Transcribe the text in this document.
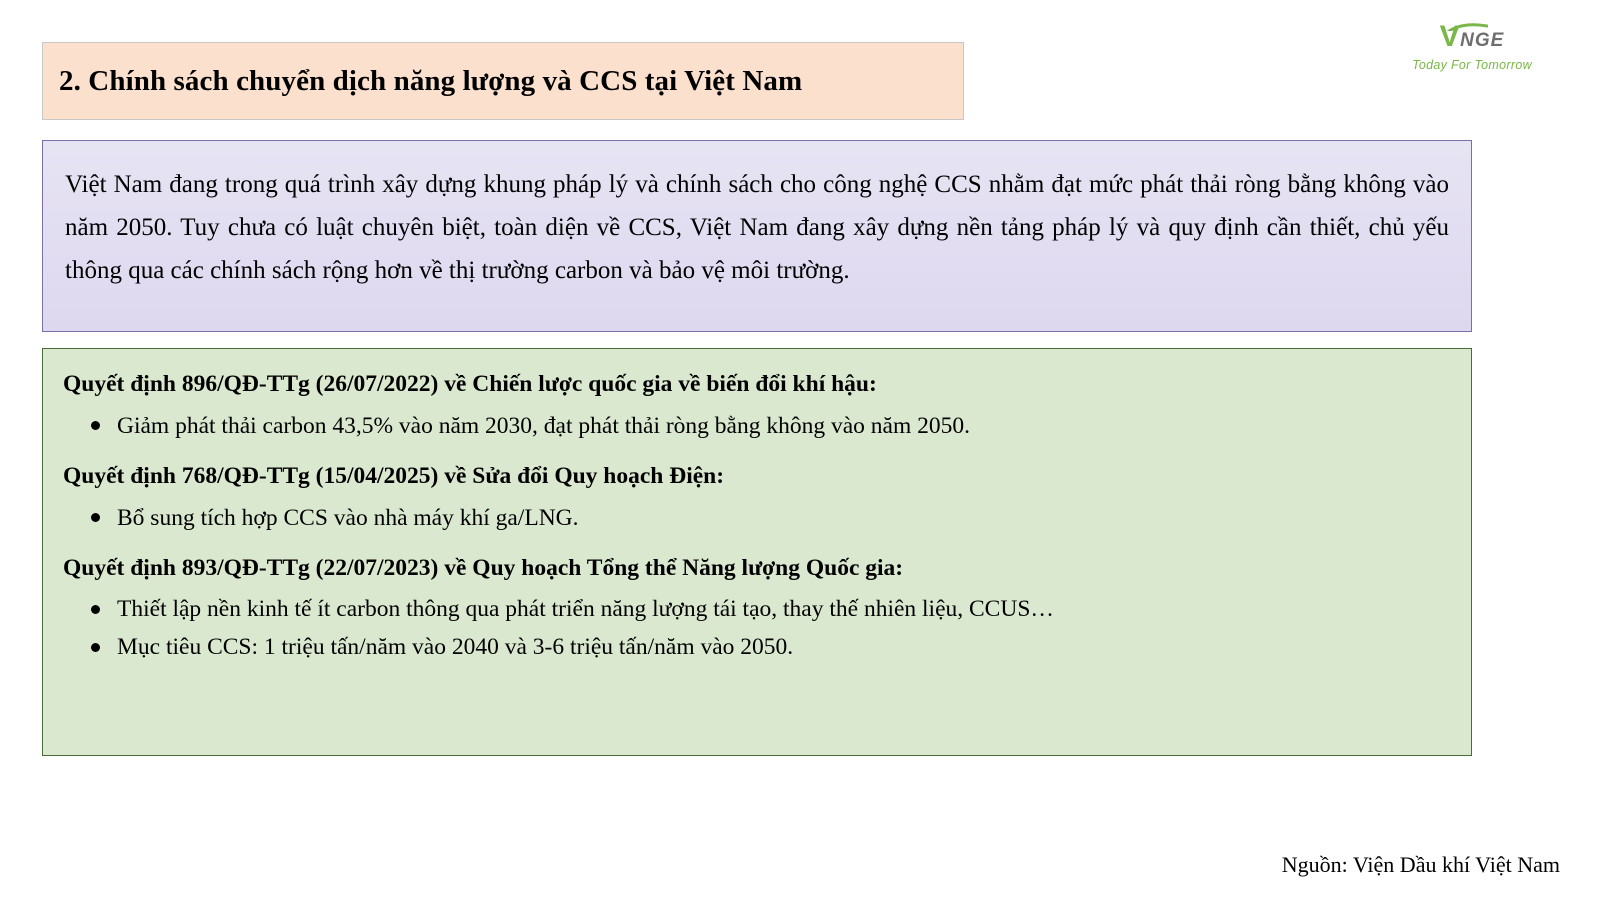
VNGE
Today For Tomorrow
2. Chính sách chuyển dịch năng lượng và CCS tại Việt Nam
Việt Nam đang trong quá trình xây dựng khung pháp lý và chính sách cho công nghệ CCS nhằm đạt mức phát thải ròng bằng không vào năm 2050. Tuy chưa có luật chuyên biệt, toàn diện về CCS, Việt Nam đang xây dựng nền tảng pháp lý và quy định cần thiết, chủ yếu thông qua các chính sách rộng hơn về thị trường carbon và bảo vệ môi trường.
Quyết định 896/QĐ-TTg (26/07/2022) về Chiến lược quốc gia về biến đổi khí hậu:
Giảm phát thải carbon 43,5% vào năm 2030, đạt phát thải ròng bằng không vào năm 2050.
Quyết định 768/QĐ-TTg (15/04/2025) về Sửa đổi Quy hoạch Điện:
Bổ sung tích hợp CCS vào nhà máy khí ga/LNG.
Quyết định 893/QĐ-TTg (22/07/2023) về Quy hoạch Tổng thể Năng lượng Quốc gia:
Thiết lập nền kinh tế ít carbon thông qua phát triển năng lượng tái tạo, thay thế nhiên liệu, CCUS…
Mục tiêu CCS: 1 triệu tấn/năm vào 2040 và 3-6 triệu tấn/năm vào 2050.
Nguồn: Viện Dầu khí Việt Nam
